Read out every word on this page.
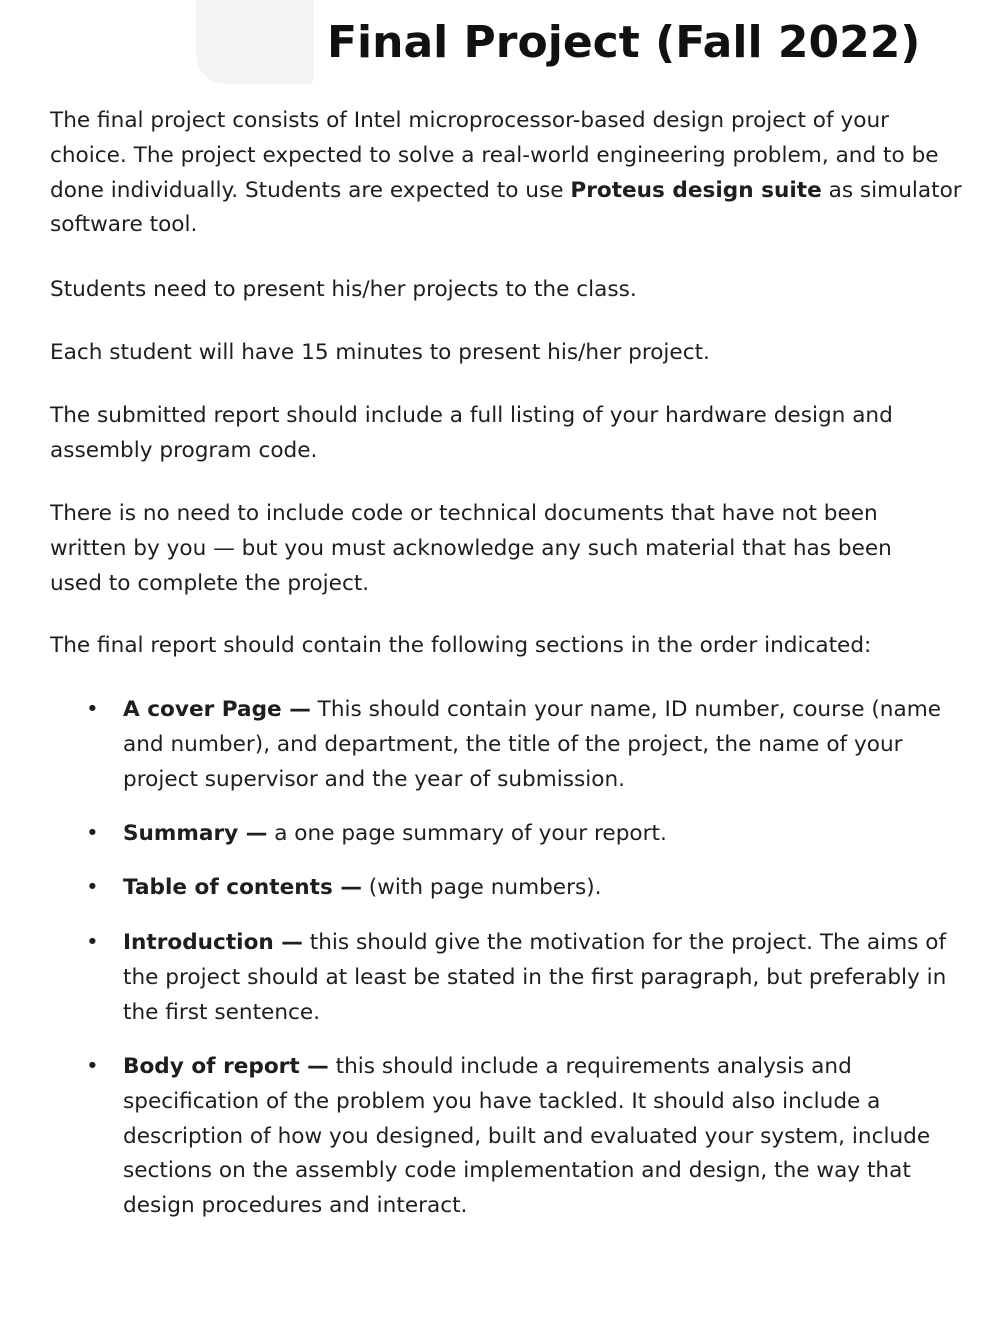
Final Project (Fall 2022)

The final project consists of Intel microprocessor-based design project of your
choice. The project expected to solve a real-world engineering problem, and to be
done individually. Students are expected to use Proteus design suite as simulator
software tool.

Students need to present his/her projects to the class.

Each student will have 15 minutes to present his/her project.

The submitted report should include a full listing of your hardware design and
assembly program code.

There is no need to include code or technical documents that have not been
written by you — but you must acknowledge any such material that has been
used to complete the project.

The final report should contain the following sections in the order indicated:

• A cover Page — This should contain your name, ID number, course (name
and number), and department, the title of the project, the name of your
project supervisor and the year of submission.
• Summary — a one page summary of your report.
• Table of contents — (with page numbers).
• Introduction — this should give the motivation for the project. The aims of
the project should at least be stated in the first paragraph, but preferably in
the first sentence.
• Body of report — this should include a requirements analysis and
specification of the problem you have tackled. It should also include a
description of how you designed, built and evaluated your system, include
sections on the assembly code implementation and design, the way that
design procedures and interact.
